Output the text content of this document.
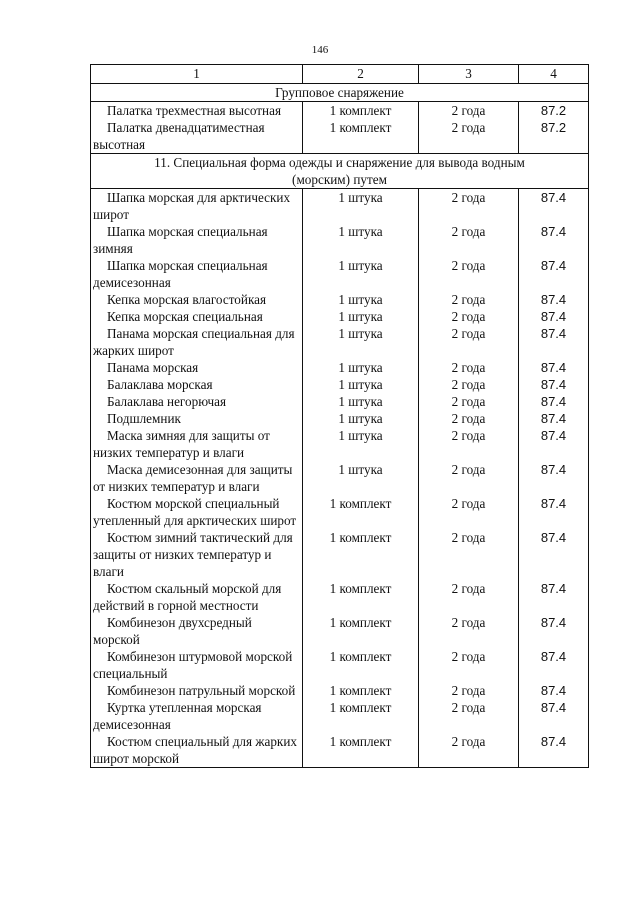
146
1	2	3	4
Групповое снаряжение			
Палатка трехместная высотная	1 комплект	2 года	87.2
Палатка двенадцатиместная высотная	1 комплект	2 года	87.2
11. Специальная форма одежды и снаряжение для вывода водным (морским) путем			
Шапка морская для арктических широт	1 штука	2 года	87.4
Шапка морская специальная зимняя	1 штука	2 года	87.4
Шапка морская специальная демисезонная	1 штука	2 года	87.4
Кепка морская влагостойкая	1 штука	2 года	87.4
Кепка морская специальная	1 штука	2 года	87.4
Панама морская специальная для жарких широт	1 штука	2 года	87.4
Панама морская	1 штука	2 года	87.4
Балаклава морская	1 штука	2 года	87.4
Балаклава негорючая	1 штука	2 года	87.4
Подшлемник	1 штука	2 года	87.4
Маска зимняя для защиты от низких температур и влаги	1 штука	2 года	87.4
Маска демисезонная для защиты от низких температур и влаги	1 штука	2 года	87.4
Костюм морской специальный утепленный для арктических широт	1 комплект	2 года	87.4
Костюм зимний тактический для защиты от низких температур и влаги	1 комплект	2 года	87.4
Костюм скальный морской для действий в горной местности	1 комплект	2 года	87.4
Комбинезон двухсредный морской	1 комплект	2 года	87.4
Комбинезон штурмовой морской специальный	1 комплект	2 года	87.4
Комбинезон патрульный морской	1 комплект	2 года	87.4
Куртка утепленная морская демисезонная	1 комплект	2 года	87.4
Костюм специальный для жарких широт морской	1 комплект	2 года	87.4
